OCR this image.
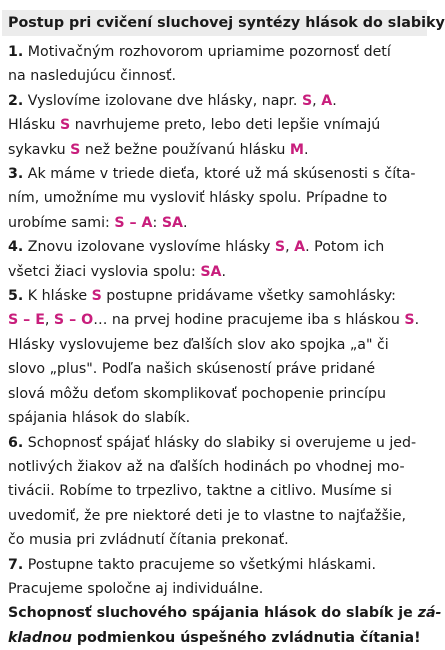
Postup pri cvičení sluchovej syntézy hlások do slabiky
1. Motivačným rozhovorom upriamime pozornosť detí
na nasledujúcu činnosť.
2. Vyslovíme izolovane dve hlásky, napr. S, A.
Hlásku S navrhujeme preto, lebo deti lepšie vnímajú
sykavku S než bežne používanú hlásku M.
3. Ak máme v triede dieťa, ktoré už má skúsenosti s číta-
ním, umožníme mu vysloviť hlásky spolu. Prípadne to
urobíme sami: S – A: SA.
4. Znovu izolovane vyslovíme hlásky S, A. Potom ich
všetci žiaci vyslovia spolu: SA.
5. K hláske S postupne pridávame všetky samohlásky:
S – E, S – O… na prvej hodine pracujeme iba s hláskou S.
Hlásky vyslovujeme bez ďalších slov ako spojka „a" či
slovo „plus". Podľa našich skúseností práve pridané
slová môžu deťom skomplikovať pochopenie princípu
spájania hlások do slabík.
6. Schopnosť spájať hlásky do slabiky si overujeme u jed-
notlivých žiakov až na ďalších hodinách po vhodnej mo-
tivácii. Robíme to trpezlivo, taktne a citlivo. Musíme si
uvedomiť, že pre niektoré deti je to vlastne to najťažšie,
čo musia pri zvládnutí čítania prekonať.
7. Postupne takto pracujeme so všetkými hláskami.
Pracujeme spoločne aj individuálne.
Schopnosť sluchového spájania hlások do slabík je zá-
kladnou podmienkou úspešného zvládnutia čítania!
